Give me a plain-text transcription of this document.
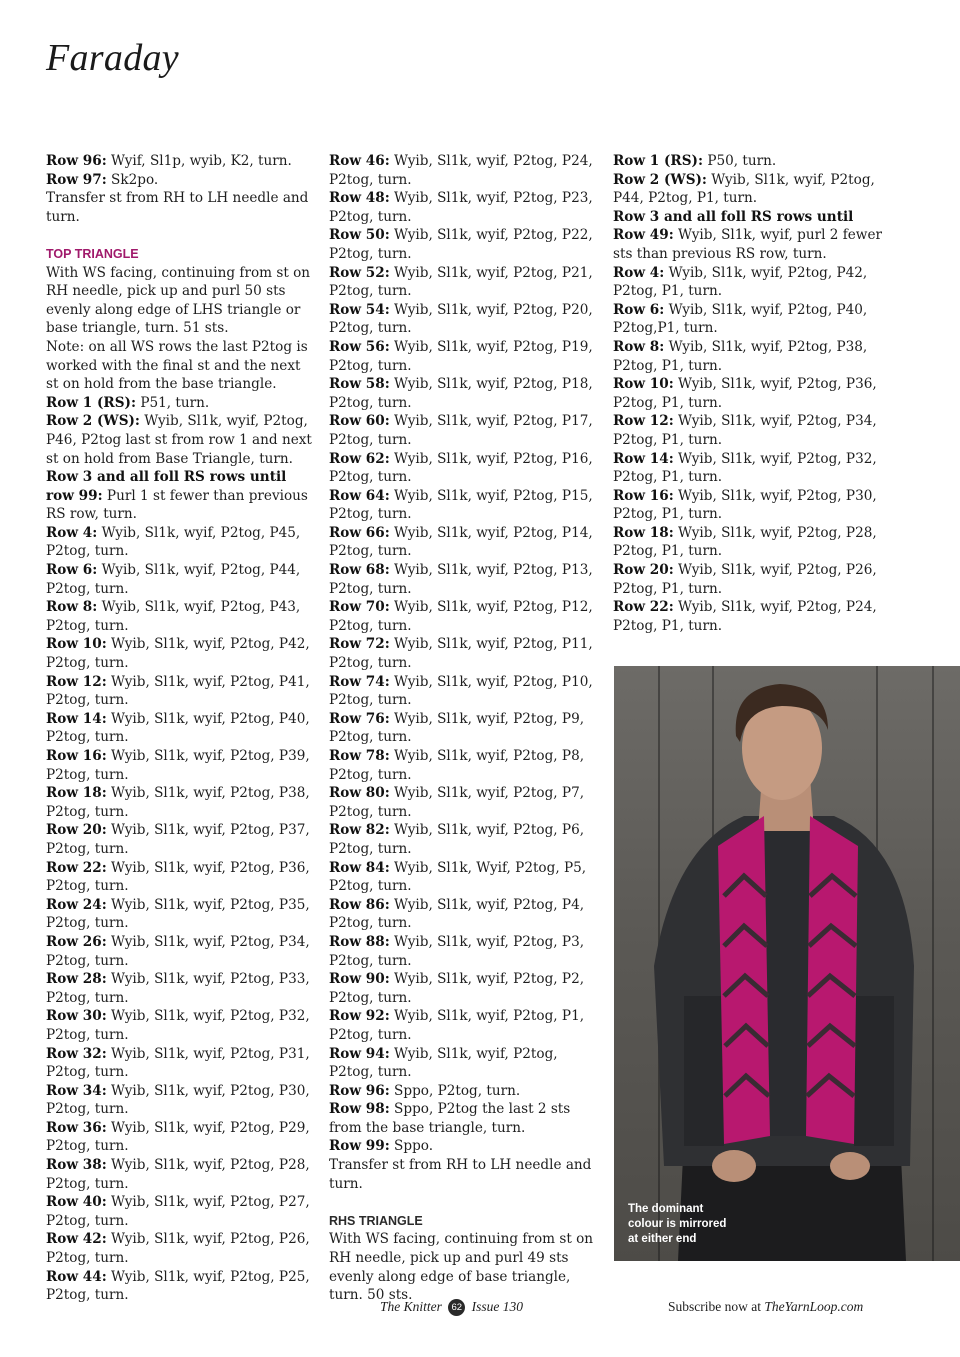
Faraday

Row 96: Wyif, Sl1p, wyib, K2, turn.

Row 97: Sk2po.

Transfer st from RH to LH needle and turn.

TOP TRIANGLE

With WS facing, continuing from st on RH needle, pick up and purl 50 sts evenly along edge of LHS triangle or base triangle, turn. 51 sts.

Note: on all WS rows the last P2tog is worked with the final st and the next st on hold from the base triangle.

Row 1 (RS): P51, turn.

Row 2 (WS): Wyib, Sl1k, wyif, P2tog, P46, P2tog last st from row 1 and next st on hold from Base Triangle, turn.

Row 3 and all foll RS rows until row 99: Purl 1 st fewer than previous RS row, turn.

Row 4: Wyib, Sl1k, wyif, P2tog, P45, P2tog, turn.

Row 6: Wyib, Sl1k, wyif, P2tog, P44, P2tog, turn.

Row 8: Wyib, Sl1k, wyif, P2tog, P43, P2tog, turn.

Row 10: Wyib, Sl1k, wyif, P2tog, P42, P2tog, turn.

Row 12: Wyib, Sl1k, wyif, P2tog, P41, P2tog, turn.

Row 14: Wyib, Sl1k, wyif, P2tog, P40, P2tog, turn.

Row 16: Wyib, Sl1k, wyif, P2tog, P39, P2tog, turn.

Row 18: Wyib, Sl1k, wyif, P2tog, P38, P2tog, turn.

Row 20: Wyib, Sl1k, wyif, P2tog, P37, P2tog, turn.

Row 22: Wyib, Sl1k, wyif, P2tog, P36, P2tog, turn.

Row 24: Wyib, Sl1k, wyif, P2tog, P35, P2tog, turn.

Row 26: Wyib, Sl1k, wyif, P2tog, P34, P2tog, turn.

Row 28: Wyib, Sl1k, wyif, P2tog, P33, P2tog, turn.

Row 30: Wyib, Sl1k, wyif, P2tog, P32, P2tog, turn.

Row 32: Wyib, Sl1k, wyif, P2tog, P31, P2tog, turn.

Row 34: Wyib, Sl1k, wyif, P2tog, P30, P2tog, turn.

Row 36: Wyib, Sl1k, wyif, P2tog, P29, P2tog, turn.

Row 38: Wyib, Sl1k, wyif, P2tog, P28, P2tog, turn.

Row 40: Wyib, Sl1k, wyif, P2tog, P27, P2tog, turn.

Row 42: Wyib, Sl1k, wyif, P2tog, P26, P2tog, turn.

Row 44: Wyib, Sl1k, wyif, P2tog, P25, P2tog, turn.

Row 46: Wyib, Sl1k, wyif, P2tog, P24, P2tog, turn.

Row 48: Wyib, Sl1k, wyif, P2tog, P23, P2tog, turn.

Row 50: Wyib, Sl1k, wyif, P2tog, P22, P2tog, turn.

Row 52: Wyib, Sl1k, wyif, P2tog, P21, P2tog, turn.

Row 54: Wyib, Sl1k, wyif, P2tog, P20, P2tog, turn.

Row 56: Wyib, Sl1k, wyif, P2tog, P19, P2tog, turn.

Row 58: Wyib, Sl1k, wyif, P2tog, P18, P2tog, turn.

Row 60: Wyib, Sl1k, wyif, P2tog, P17, P2tog, turn.

Row 62: Wyib, Sl1k, wyif, P2tog, P16, P2tog, turn.

Row 64: Wyib, Sl1k, wyif, P2tog, P15, P2tog, turn.

Row 66: Wyib, Sl1k, wyif, P2tog, P14, P2tog, turn.

Row 68: Wyib, Sl1k, wyif, P2tog, P13, P2tog, turn.

Row 70: Wyib, Sl1k, wyif, P2tog, P12, P2tog, turn.

Row 72: Wyib, Sl1k, wyif, P2tog, P11, P2tog, turn.

Row 74: Wyib, Sl1k, wyif, P2tog, P10, P2tog, turn.

Row 76: Wyib, Sl1k, wyif, P2tog, P9, P2tog, turn.

Row 78: Wyib, Sl1k, wyif, P2tog, P8, P2tog, turn.

Row 80: Wyib, Sl1k, wyif, P2tog, P7, P2tog, turn.

Row 82: Wyib, Sl1k, wyif, P2tog, P6, P2tog, turn.

Row 84: Wyib, Sl1k, Wyif, P2tog, P5, P2tog, turn.

Row 86: Wyib, Sl1k, wyif, P2tog, P4, P2tog, turn.

Row 88: Wyib, Sl1k, wyif, P2tog, P3, P2tog, turn.

Row 90: Wyib, Sl1k, wyif, P2tog, P2, P2tog, turn.

Row 92: Wyib, Sl1k, wyif, P2tog, P1, P2tog, turn.

Row 94: Wyib, Sl1k, wyif, P2tog, P2tog, turn.

Row 96: Sppo, P2tog, turn.

Row 98: Sppo, P2tog the last 2 sts from the base triangle, turn.

Row 99: Sppo.

Transfer st from RH to LH needle and turn.

RHS TRIANGLE

With WS facing, continuing from st on RH needle, pick up and purl 49 sts evenly along edge of base triangle, turn. 50 sts.

Row 1 (RS): P50, turn.

Row 2 (WS): Wyib, Sl1k, wyif, P2tog, P44, P2tog, P1, turn.

Row 3 and all foll RS rows until Row 49: Wyib, Sl1k, wyif, purl 2 fewer sts than previous RS row, turn.

Row 4: Wyib, Sl1k, wyif, P2tog, P42, P2tog, P1, turn.

Row 6: Wyib, Sl1k, wyif, P2tog, P40, P2tog,P1, turn.

Row 8: Wyib, Sl1k, wyif, P2tog, P38, P2tog, P1, turn.

Row 10: Wyib, Sl1k, wyif, P2tog, P36, P2tog, P1, turn.

Row 12: Wyib, Sl1k, wyif, P2tog, P34, P2tog, P1, turn.

Row 14: Wyib, Sl1k, wyif, P2tog, P32, P2tog, P1, turn.

Row 16: Wyib, Sl1k, wyif, P2tog, P30, P2tog, P1, turn.

Row 18: Wyib, Sl1k, wyif, P2tog, P28, P2tog, P1, turn.

Row 20: Wyib, Sl1k, wyif, P2tog, P26, P2tog, P1, turn.

Row 22: Wyib, Sl1k, wyif, P2tog, P24, P2tog, P1, turn.

The dominant
colour is mirrored
at either end
The Knitter 62 Issue 130	Subscribe now at TheYarnLoop.com
